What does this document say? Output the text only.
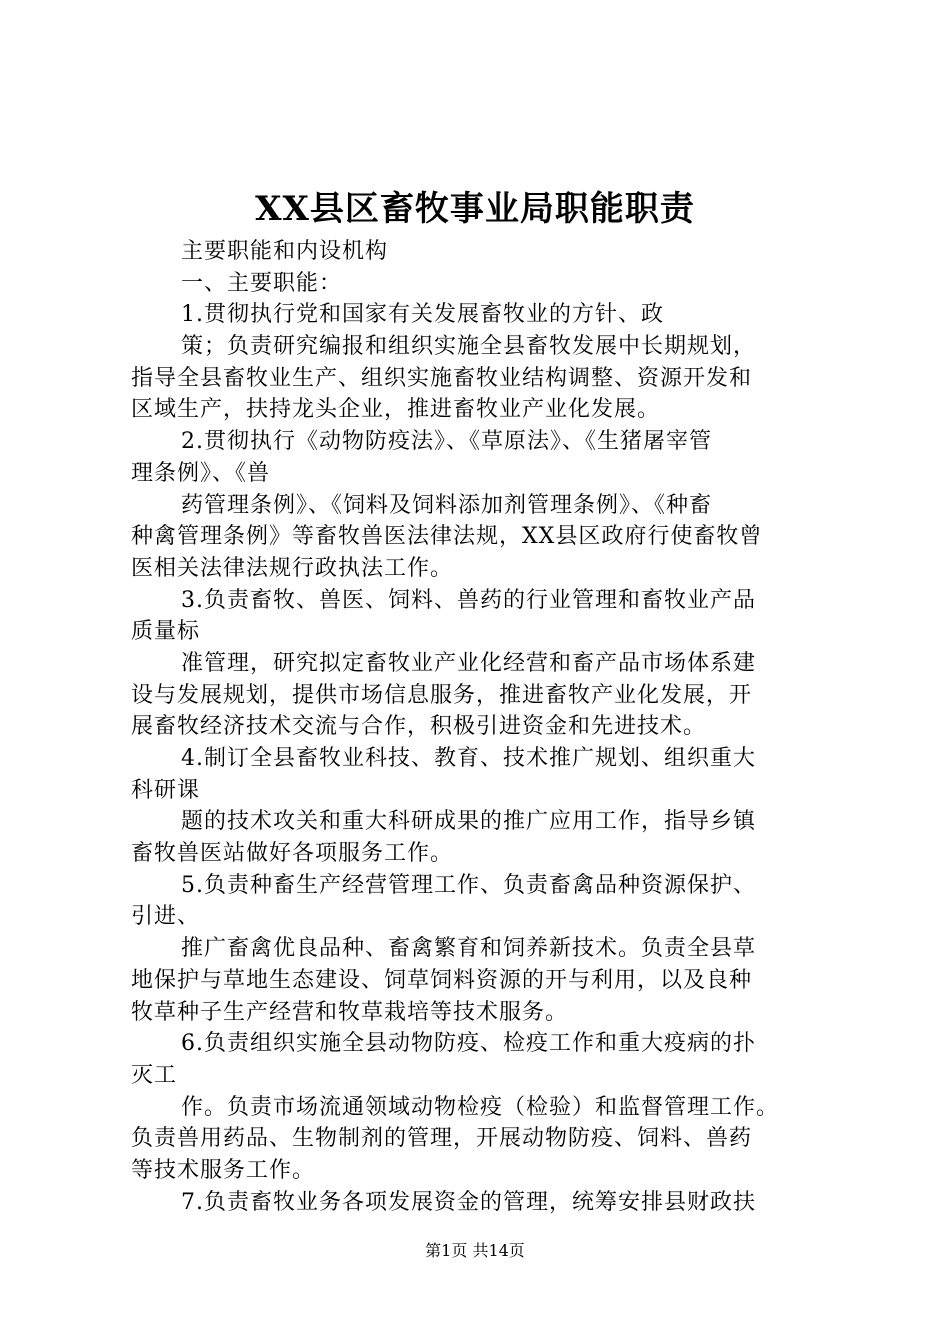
XX县区畜牧事业局职能职责
主要职能和内设机构
一、主要职能：
1.贯彻执行党和国家有关发展畜牧业的方针、政
策；负责研究编报和组织实施全县畜牧发展中长期规划，
指导全县畜牧业生产、组织实施畜牧业结构调整、资源开发和
区域生产，扶持龙头企业，推进畜牧业产业化发展。
2.贯彻执行《动物防疫法》、《草原法》、《生猪屠宰管
理条例》、《兽
药管理条例》、《饲料及饲料添加剂管理条例》、《种畜
种禽管理条例》等畜牧兽医法律法规，XX县区政府行使畜牧曾
医相关法律法规行政执法工作。
3.负责畜牧、兽医、饲料、兽药的行业管理和畜牧业产品
质量标
准管理，研究拟定畜牧业产业化经营和畜产品市场体系建
设与发展规划，提供市场信息服务，推进畜牧产业化发展，开
展畜牧经济技术交流与合作，积极引进资金和先进技术。
4.制订全县畜牧业科技、教育、技术推广规划、组织重大
科研课
题的技术攻关和重大科研成果的推广应用工作，指导乡镇
畜牧兽医站做好各项服务工作。
5.负责种畜生产经营管理工作、负责畜禽品种资源保护、
引进、
推广畜禽优良品种、畜禽繁育和饲养新技术。负责全县草
地保护与草地生态建设、饲草饲料资源的开与利用，以及良种
牧草种子生产经营和牧草栽培等技术服务。
6.负责组织实施全县动物防疫、检疫工作和重大疫病的扑
灭工
作。负责市场流通领域动物检疫（检验）和监督管理工作。
负责兽用药品、生物制剂的管理，开展动物防疫、饲料、兽药
等技术服务工作。
7.负责畜牧业务各项发展资金的管理，统筹安排县财政扶
第1页 共14页
